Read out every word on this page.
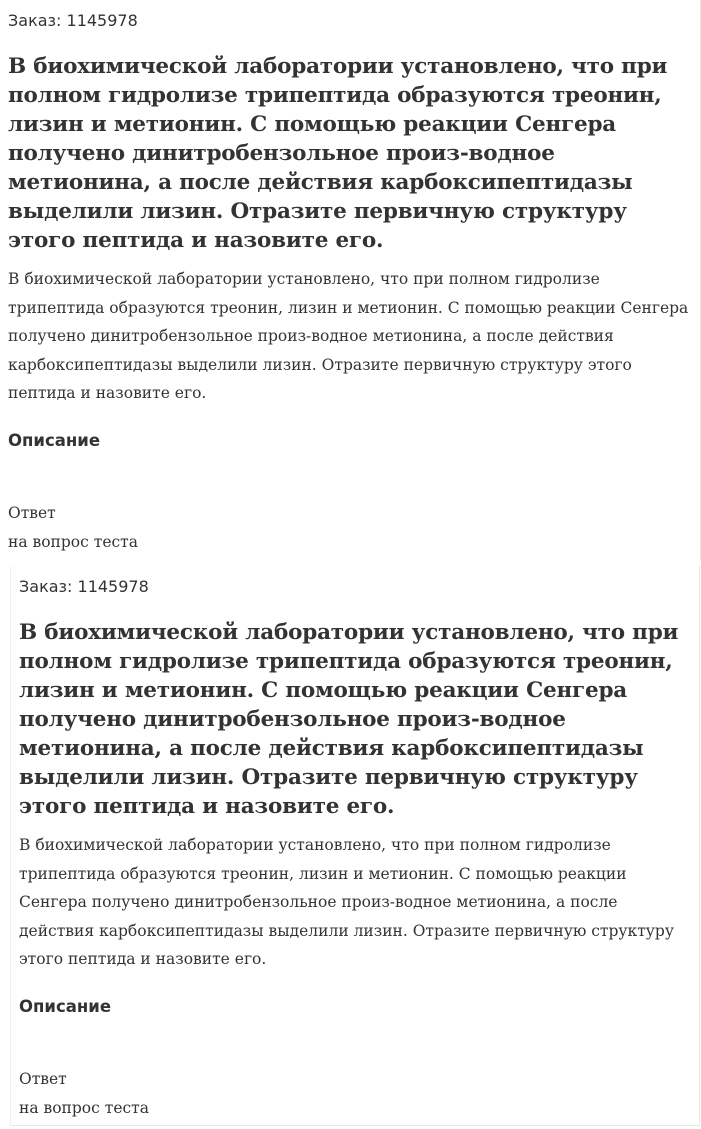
Заказ: 1145978
В биохимической лаборатории установлено, что при полном гидролизе трипептида образуются треонин, лизин и метионин. С помощью реакции Сенгера получено динитробензольное произ-водное метионина, а после действия карбоксипептидазы выделили лизин. Отразите первичную структуру этого пептида и назовите его.

В биохимической лаборатории установлено, что при полном гидролизе трипептида образуются треонин, лизин и метионин. С помощью реакции Сенгера получено динитробензольное произ-водное метионина, а после действия карбоксипептидазы выделили лизин. Отразите первичную структуру этого пептида и назовите его.

Описание
Ответ
на вопрос теста
Заказ: 1145978
В биохимической лаборатории установлено, что при полном гидролизе трипептида образуются треонин, лизин и метионин. С помощью реакции Сенгера получено динитробензольное произ-водное метионина, а после действия карбоксипептидазы выделили лизин. Отразите первичную структуру этого пептида и назовите его.

В биохимической лаборатории установлено, что при полном гидролизе трипептида образуются треонин, лизин и метионин. С помощью реакции Сенгера получено динитробензольное произ-водное метионина, а после действия карбоксипептидазы выделили лизин. Отразите первичную структуру этого пептида и назовите его.

Описание
Ответ
на вопрос теста
